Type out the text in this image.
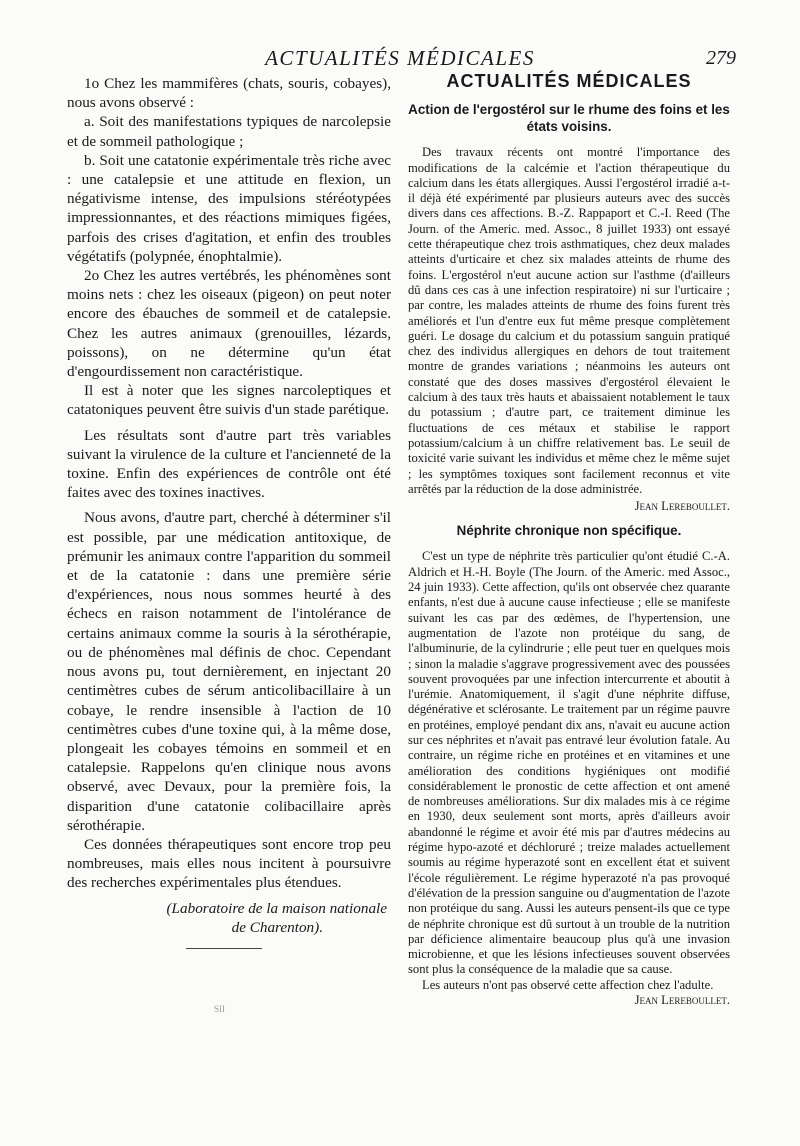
ACTUALITÉS MÉDICALES	279

1o Chez les mammifères (chats, souris, cobayes), nous avons observé :

a. Soit des manifestations typiques de narcolepsie et de sommeil pathologique ;

b. Soit une catatonie expérimentale très riche avec : une catalepsie et une attitude en flexion, un négativisme intense, des impulsions stéréotypées impressionnantes, et des réactions mimiques figées, parfois des crises d'agitation, et enfin des troubles végétatifs (polypnée, énophtalmie).

2o Chez les autres vertébrés, les phénomènes sont moins nets : chez les oiseaux (pigeon) on peut noter encore des ébauches de sommeil et de catalepsie. Chez les autres animaux (grenouilles, lézards, poissons), on ne détermine qu'un état d'engourdissement non caractéristique.

Il est à noter que les signes narcoleptiques et catatoniques peuvent être suivis d'un stade parétique.

Les résultats sont d'autre part très variables suivant la virulence de la culture et l'ancienneté de la toxine. Enfin des expériences de contrôle ont été faites avec des toxines inactives.

Nous avons, d'autre part, cherché à déterminer s'il est possible, par une médication antitoxique, de prémunir les animaux contre l'apparition du sommeil et de la catatonie : dans une première série d'expériences, nous nous sommes heurté à des échecs en raison notamment de l'intolérance de certains animaux comme la souris à la sérothérapie, ou de phénomènes mal définis de choc. Cependant nous avons pu, tout dernièrement, en injectant 20 centimètres cubes de sérum anticolibacillaire à un cobaye, le rendre insensible à l'action de 10 centimètres cubes d'une toxine qui, à la même dose, plongeait les cobayes témoins en sommeil et en catalepsie. Rappelons qu'en clinique nous avons observé, avec Devaux, pour la première fois, la disparition d'une catatonie colibacillaire après sérothérapie.

Ces données thérapeutiques sont encore trop peu nombreuses, mais elles nous incitent à poursuivre des recherches expérimentales plus étendues.

(Laboratoire de la maison nationale
de Charenton).
SII
ACTUALITÉS MÉDICALES
Action de l'ergostérol sur le rhume des foins et les états voisins.

Des travaux récents ont montré l'importance des modifications de la calcémie et l'action thérapeutique du calcium dans les états allergiques. Aussi l'ergostérol irradié a-t-il déjà été expérimenté par plusieurs auteurs avec des succès divers dans ces affections. B.-Z. Rappaport et C.-I. Reed (The Journ. of the Americ. med. Assoc., 8 juillet 1933) ont essayé cette thérapeutique chez trois asthmatiques, chez deux malades atteints d'urticaire et chez six malades atteints de rhume des foins. L'ergostérol n'eut aucune action sur l'asthme (d'ailleurs dû dans ces cas à une infection respiratoire) ni sur l'urticaire ; par contre, les malades atteints de rhume des foins furent très améliorés et l'un d'entre eux fut même presque complètement guéri. Le dosage du calcium et du potassium sanguin pratiqué chez des individus allergiques en dehors de tout traitement montre de grandes variations ; néanmoins les auteurs ont constaté que des doses massives d'ergostérol élevaient le calcium à des taux très hauts et abaissaient notablement le taux du potassium ; d'autre part, ce traitement diminue les fluctuations de ces métaux et stabilise le rapport potassium/calcium à un chiffre relativement bas. Le seuil de toxicité varie suivant les individus et même chez le même sujet ; les symptômes toxiques sont facilement reconnus et vite arrêtés par la réduction de la dose administrée.

Jean Lereboullet.
Néphrite chronique non spécifique.

C'est un type de néphrite très particulier qu'ont étudié C.-A. Aldrich et H.-H. Boyle (The Journ. of the Americ. med Assoc., 24 juin 1933). Cette affection, qu'ils ont observée chez quarante enfants, n'est due à aucune cause infectieuse ; elle se manifeste suivant les cas par des œdèmes, de l'hypertension, une augmentation de l'azote non protéique du sang, de l'albuminurie, de la cylindrurie ; elle peut tuer en quelques mois ; sinon la maladie s'aggrave progressivement avec des poussées souvent provoquées par une infection intercurrente et aboutit à l'urémie. Anatomiquement, il s'agit d'une néphrite diffuse, dégénérative et sclérosante. Le traitement par un régime pauvre en protéines, employé pendant dix ans, n'avait eu aucune action sur ces néphrites et n'avait pas entravé leur évolution fatale. Au contraire, un régime riche en protéines et en vitamines et une amélioration des conditions hygiéniques ont modifié considérablement le pronostic de cette affection et ont amené de nombreuses améliorations. Sur dix malades mis à ce régime en 1930, deux seulement sont morts, après d'ailleurs avoir abandonné le régime et avoir été mis par d'autres médecins au régime hypo-azoté et déchloruré ; treize malades actuellement soumis au régime hyperazoté sont en excellent état et suivent l'école régulièrement. Le régime hyperazoté n'a pas provoqué d'élévation de la pression sanguine ou d'augmentation de l'azote non protéique du sang. Aussi les auteurs pensent-ils que ce type de néphrite chronique est dû surtout à un trouble de la nutrition par déficience alimentaire beaucoup plus qu'à une invasion microbienne, et que les lésions infectieuses souvent observées sont plus la conséquence de la maladie que sa cause.

Les auteurs n'ont pas observé cette affection chez l'adulte.
Jean Lereboullet.
